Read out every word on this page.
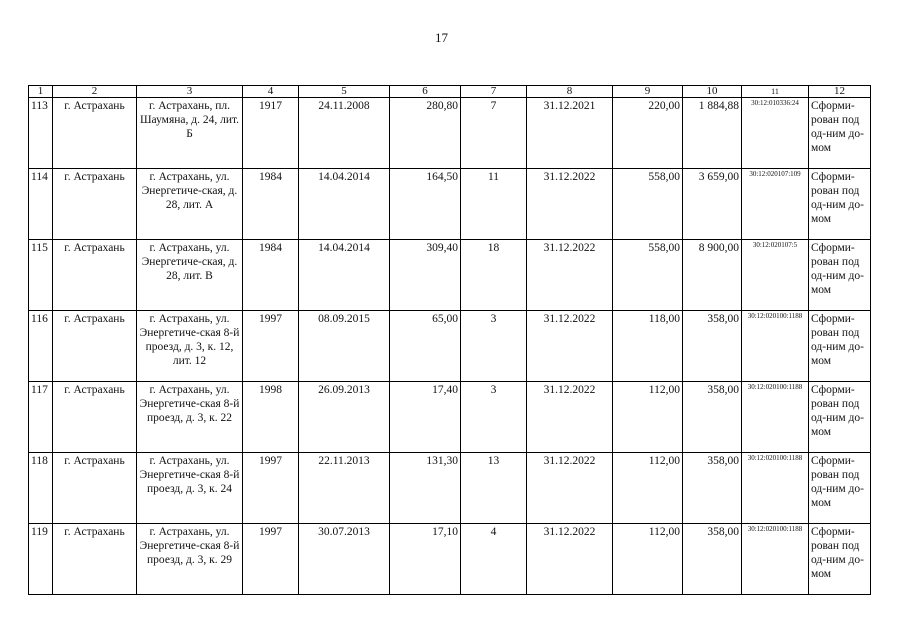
17
1	2	3	4	5	6	7	8	9	10	11	12
113	г. Астрахань	г. Астрахань, пл. Шаумяна, д. 24, лит. Б	1917	24.11.2008	280,80	7	31.12.2021	220,00	1 884,88	30:12:010336:24	Сформи-рован под од-ним до-мом
114	г. Астрахань	г. Астрахань, ул. Энергетиче-ская, д. 28, лит. А	1984	14.04.2014	164,50	11	31.12.2022	558,00	3 659,00	30:12:020107:109	Сформи-рован под од-ним до-мом
115	г. Астрахань	г. Астрахань, ул. Энергетиче-ская, д. 28, лит. В	1984	14.04.2014	309,40	18	31.12.2022	558,00	8 900,00	30:12:020107:5	Сформи-рован под од-ним до-мом
116	г. Астрахань	г. Астрахань, ул. Энергетиче-ская 8-й проезд, д. 3, к. 12, лит. 12	1997	08.09.2015	65,00	3	31.12.2022	118,00	358,00	30:12:020100:1188	Сформи-рован под од-ним до-мом
117	г. Астрахань	г. Астрахань, ул. Энергетиче-ская 8-й проезд, д. 3, к. 22	1998	26.09.2013	17,40	3	31.12.2022	112,00	358,00	30:12:020100:1188	Сформи-рован под од-ним до-мом
118	г. Астрахань	г. Астрахань, ул. Энергетиче-ская 8-й проезд, д. 3, к. 24	1997	22.11.2013	131,30	13	31.12.2022	112,00	358,00	30:12:020100:1188	Сформи-рован под од-ним до-мом
119	г. Астрахань	г. Астрахань, ул. Энергетиче-ская 8-й проезд, д. 3, к. 29	1997	30.07.2013	17,10	4	31.12.2022	112,00	358,00	30:12:020100:1188	Сформи-рован под од-ним до-мом
